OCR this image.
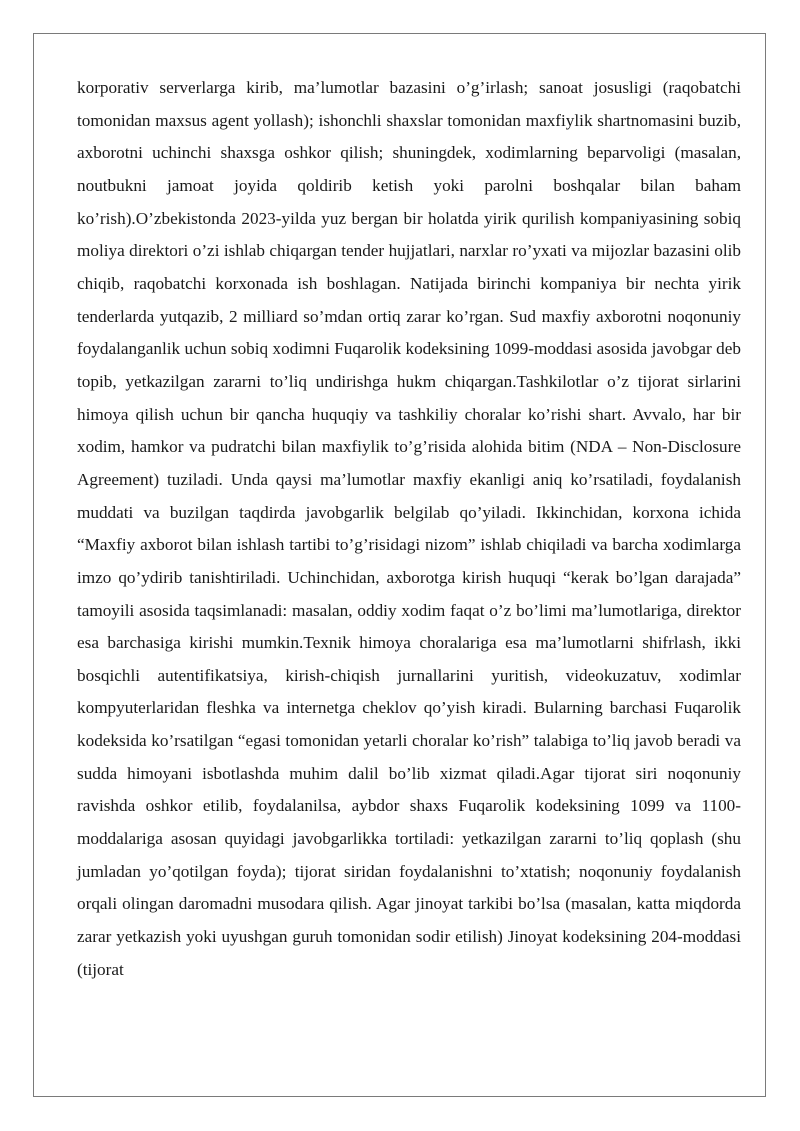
korporativ serverlarga kirib, ma’lumotlar bazasini o’g’irlash; sanoat josusligi (raqobatchi tomonidan maxsus agent yollash); ishonchli shaxslar tomonidan maxfiylik shartnomasini buzib, axborotni uchinchi shaxsga oshkor qilish; shuningdek, xodimlarning beparvoligi (masalan, noutbukni jamoat joyida qoldirib ketish yoki parolni boshqalar bilan baham ko’rish).O’zbekistonda 2023-yilda yuz bergan bir holatda yirik qurilish kompaniyasining sobiq moliya direktori o’zi ishlab chiqargan tender hujjatlari, narxlar ro’yxati va mijozlar bazasini olib chiqib, raqobatchi korxonada ish boshlagan. Natijada birinchi kompaniya bir nechta yirik tenderlarda yutqazib, 2 milliard so’mdan ortiq zarar ko’rgan. Sud maxfiy axborotni noqonuniy foydalanganlik uchun sobiq xodimni Fuqarolik kodeksining 1099-moddasi asosida javobgar deb topib, yetkazilgan zararni to’liq undirishga hukm chiqargan.Tashkilotlar o’z tijorat sirlarini himoya qilish uchun bir qancha huquqiy va tashkiliy choralar ko’rishi shart. Avvalo, har bir xodim, hamkor va pudratchi bilan maxfiylik to’g’risida alohida bitim (NDA – Non-Disclosure Agreement) tuziladi. Unda qaysi ma’lumotlar maxfiy ekanligi aniq ko’rsatiladi, foydalanish muddati va buzilgan taqdirda javobgarlik belgilab qo’yiladi. Ikkinchidan, korxona ichida “Maxfiy axborot bilan ishlash tartibi to’g’risidagi nizom” ishlab chiqiladi va barcha xodimlarga imzo qo’ydirib tanishtiriladi. Uchinchidan, axborotga kirish huquqi “kerak bo’lgan darajada” tamoyili asosida taqsimlanadi: masalan, oddiy xodim faqat o’z bo’limi ma’lumotlariga, direktor esa barchasiga kirishi mumkin.Texnik himoya choralariga esa ma’lumotlarni shifrlash, ikki bosqichli autentifikatsiya, kirish-chiqish jurnallarini yuritish, videokuzatuv, xodimlar kompyuterlaridan fleshka va internetga cheklov qo’yish kiradi. Bularning barchasi Fuqarolik kodeksida ko’rsatilgan “egasi tomonidan yetarli choralar ko’rish” talabiga to’liq javob beradi va sudda himoyani isbotlashda muhim dalil bo’lib xizmat qiladi.Agar tijorat siri noqonuniy ravishda oshkor etilib, foydalanilsa, aybdor shaxs Fuqarolik kodeksining 1099 va 1100-moddalariga asosan quyidagi javobgarlikka tortiladi: yetkazilgan zararni to’liq qoplash (shu jumladan yo’qotilgan foyda); tijorat siridan foydalanishni to’xtatish; noqonuniy foydalanish orqali olingan daromadni musodara qilish. Agar jinoyat tarkibi bo’lsa (masalan, katta miqdorda zarar yetkazish yoki uyushgan guruh tomonidan sodir etilish) Jinoyat kodeksining 204-moddasi (tijorat
